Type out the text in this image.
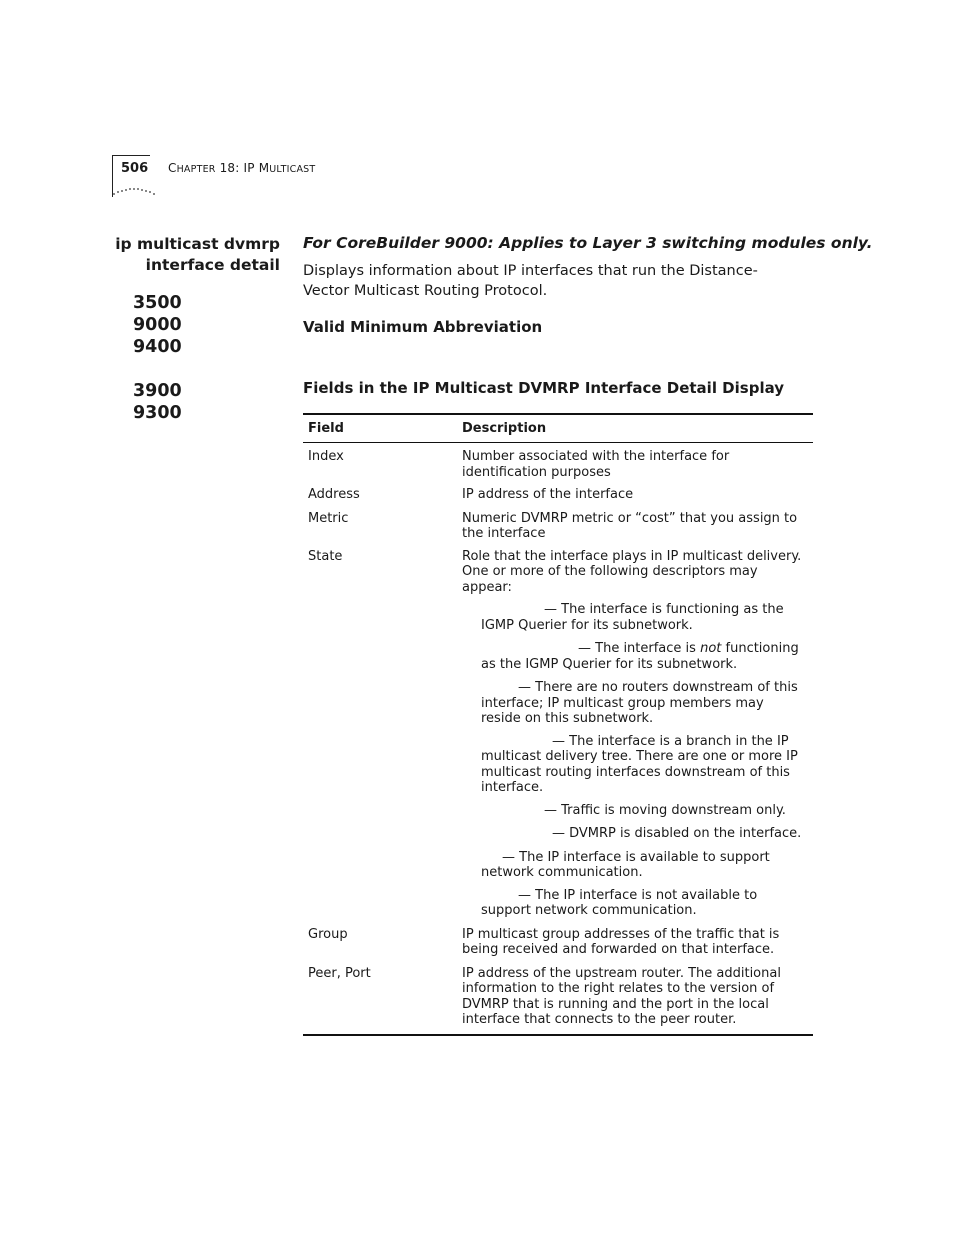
506 CHAPTER 18: IP MULTICAST
ip multicast dvmrp
interface detail
3500
9000
9400
3900
9300
For CoreBuilder 9000: Applies to Layer 3 switching modules only.
Displays information about IP interfaces that run the Distance-Vector Multicast Routing Protocol.
Valid Minimum Abbreviation
Fields in the IP Multicast DVMRP Interface Detail Display
Field	Description
Index	Number associated with the interface for identification purposes
Address	IP address of the interface
Metric	Numeric DVMRP metric or “cost” that you assign to the interface
State	Role that the interface plays in IP multicast delivery. One or more of the following descriptors may appear:
— The interface is functioning as the IGMP Querier for its subnetwork.
— The interface is not functioning as the IGMP Querier for its subnetwork.
— There are no routers downstream of this interface; IP multicast group members may reside on this subnetwork.
— The interface is a branch in the IP multicast delivery tree. There are one or more IP multicast routing interfaces downstream of this interface.
— Traffic is moving downstream only.
— DVMRP is disabled on the interface.
— The IP interface is available to support network communication.
— The IP interface is not available to support network communication.
Group	IP multicast group addresses of the traffic that is being received and forwarded on that interface.
Peer, Port	IP address of the upstream router. The additional information to the right relates to the version of DVMRP that is running and the port in the local interface that connects to the peer router.
